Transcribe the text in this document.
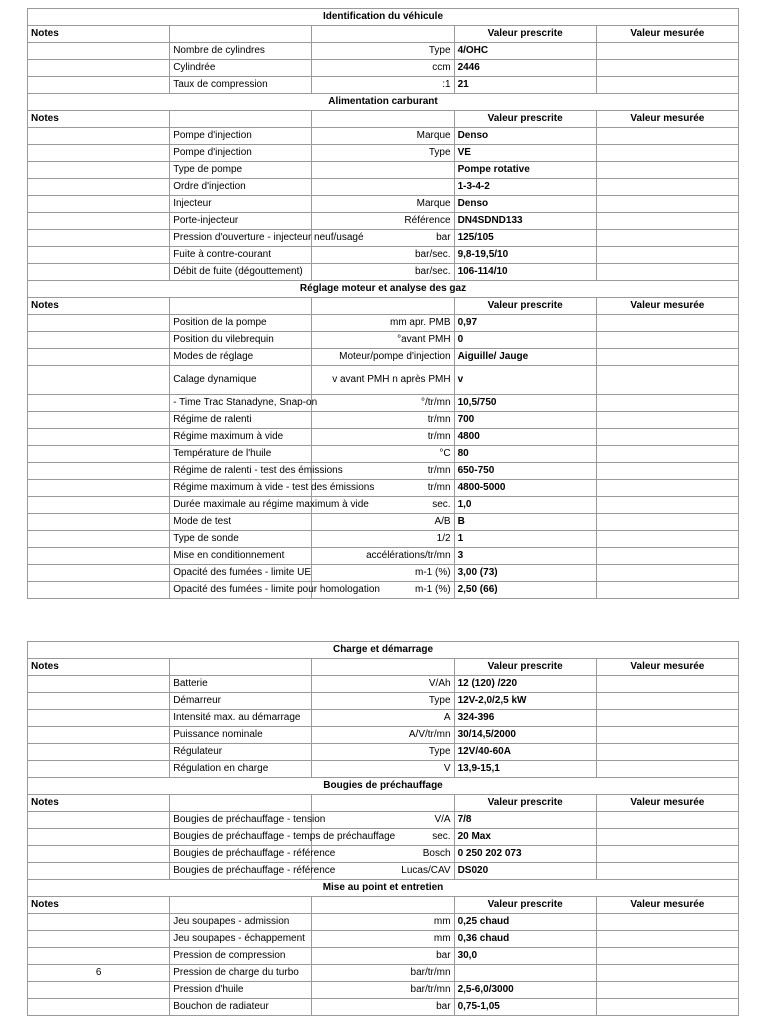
Identification du véhicule				
Notes			Valeur prescrite	Valeur mesurée
	Nombre de cylindres	Type	4/OHC	
	Cylindrée	ccm	2446	
	Taux de compression	:1	21	
Alimentation carburant				
Notes			Valeur prescrite	Valeur mesurée
	Pompe d'injection	Marque	Denso	
	Pompe d'injection	Type	VE	
	Type de pompe		Pompe rotative	
	Ordre d'injection		1-3-4-2	
	Injecteur	Marque	Denso	
	Porte-injecteur	Référence	DN4SDND133	
	Pression d'ouverture - injecteur neuf/usagé	bar	125/105	
	Fuite à contre-courant	bar/sec.	9,8-19,5/10	
	Débit de fuite (dégouttement)	bar/sec.	106-114/10	
Réglage moteur et analyse des gaz				
Notes			Valeur prescrite	Valeur mesurée
	Position de la pompe	mm apr. PMB	0,97	
	Position du vilebrequin	°avant PMH	0	
	Modes de réglage	Moteur/pompe d'injection	Aiguille/ Jauge	
	Calage dynamique	v avant PMH n après PMH	v	
	- Time Trac Stanadyne, Snap-on	°/tr/mn	10,5/750	
	Régime de ralenti	tr/mn	700	
	Régime maximum à vide	tr/mn	4800	
	Température de l'huile	°C	80	
	Régime de ralenti - test des émissions	tr/mn	650-750	
	Régime maximum à vide - test des émissions	tr/mn	4800-5000	
	Durée maximale au régime maximum à vide	sec.	1,0	
	Mode de test	A/B	B	
	Type de sonde	1/2	1	
	Mise en conditionnement	accélérations/tr/mn	3	
	Opacité des fumées - limite UE	m-1 (%)	3,00 (73)	
	Opacité des fumées - limite pour homologation	m-1 (%)	2,50 (66)	
Charge et démarrage				
Notes			Valeur prescrite	Valeur mesurée
	Batterie	V/Ah	12 (120) /220	
	Démarreur	Type	12V-2,0/2,5 kW	
	Intensité max. au démarrage	A	324-396	
	Puissance nominale	A/V/tr/mn	30/14,5/2000	
	Régulateur	Type	12V/40-60A	
	Régulation en charge	V	13,9-15,1	
Bougies de préchauffage				
Notes			Valeur prescrite	Valeur mesurée
	Bougies de préchauffage - tension	V/A	7/8	
	Bougies de préchauffage - temps de préchauffage	sec.	20 Max	
	Bougies de préchauffage - référence	Bosch	0 250 202 073	
	Bougies de préchauffage - référence	Lucas/CAV	DS020	
Mise au point et entretien				
Notes			Valeur prescrite	Valeur mesurée
	Jeu soupapes - admission	mm	0,25 chaud	
	Jeu soupapes - échappement	mm	0,36 chaud	
	Pression de compression	bar	30,0	
6	Pression de charge du turbo	bar/tr/mn		
	Pression d'huile	bar/tr/mn	2,5-6,0/3000	
	Bouchon de radiateur	bar	0,75-1,05	
